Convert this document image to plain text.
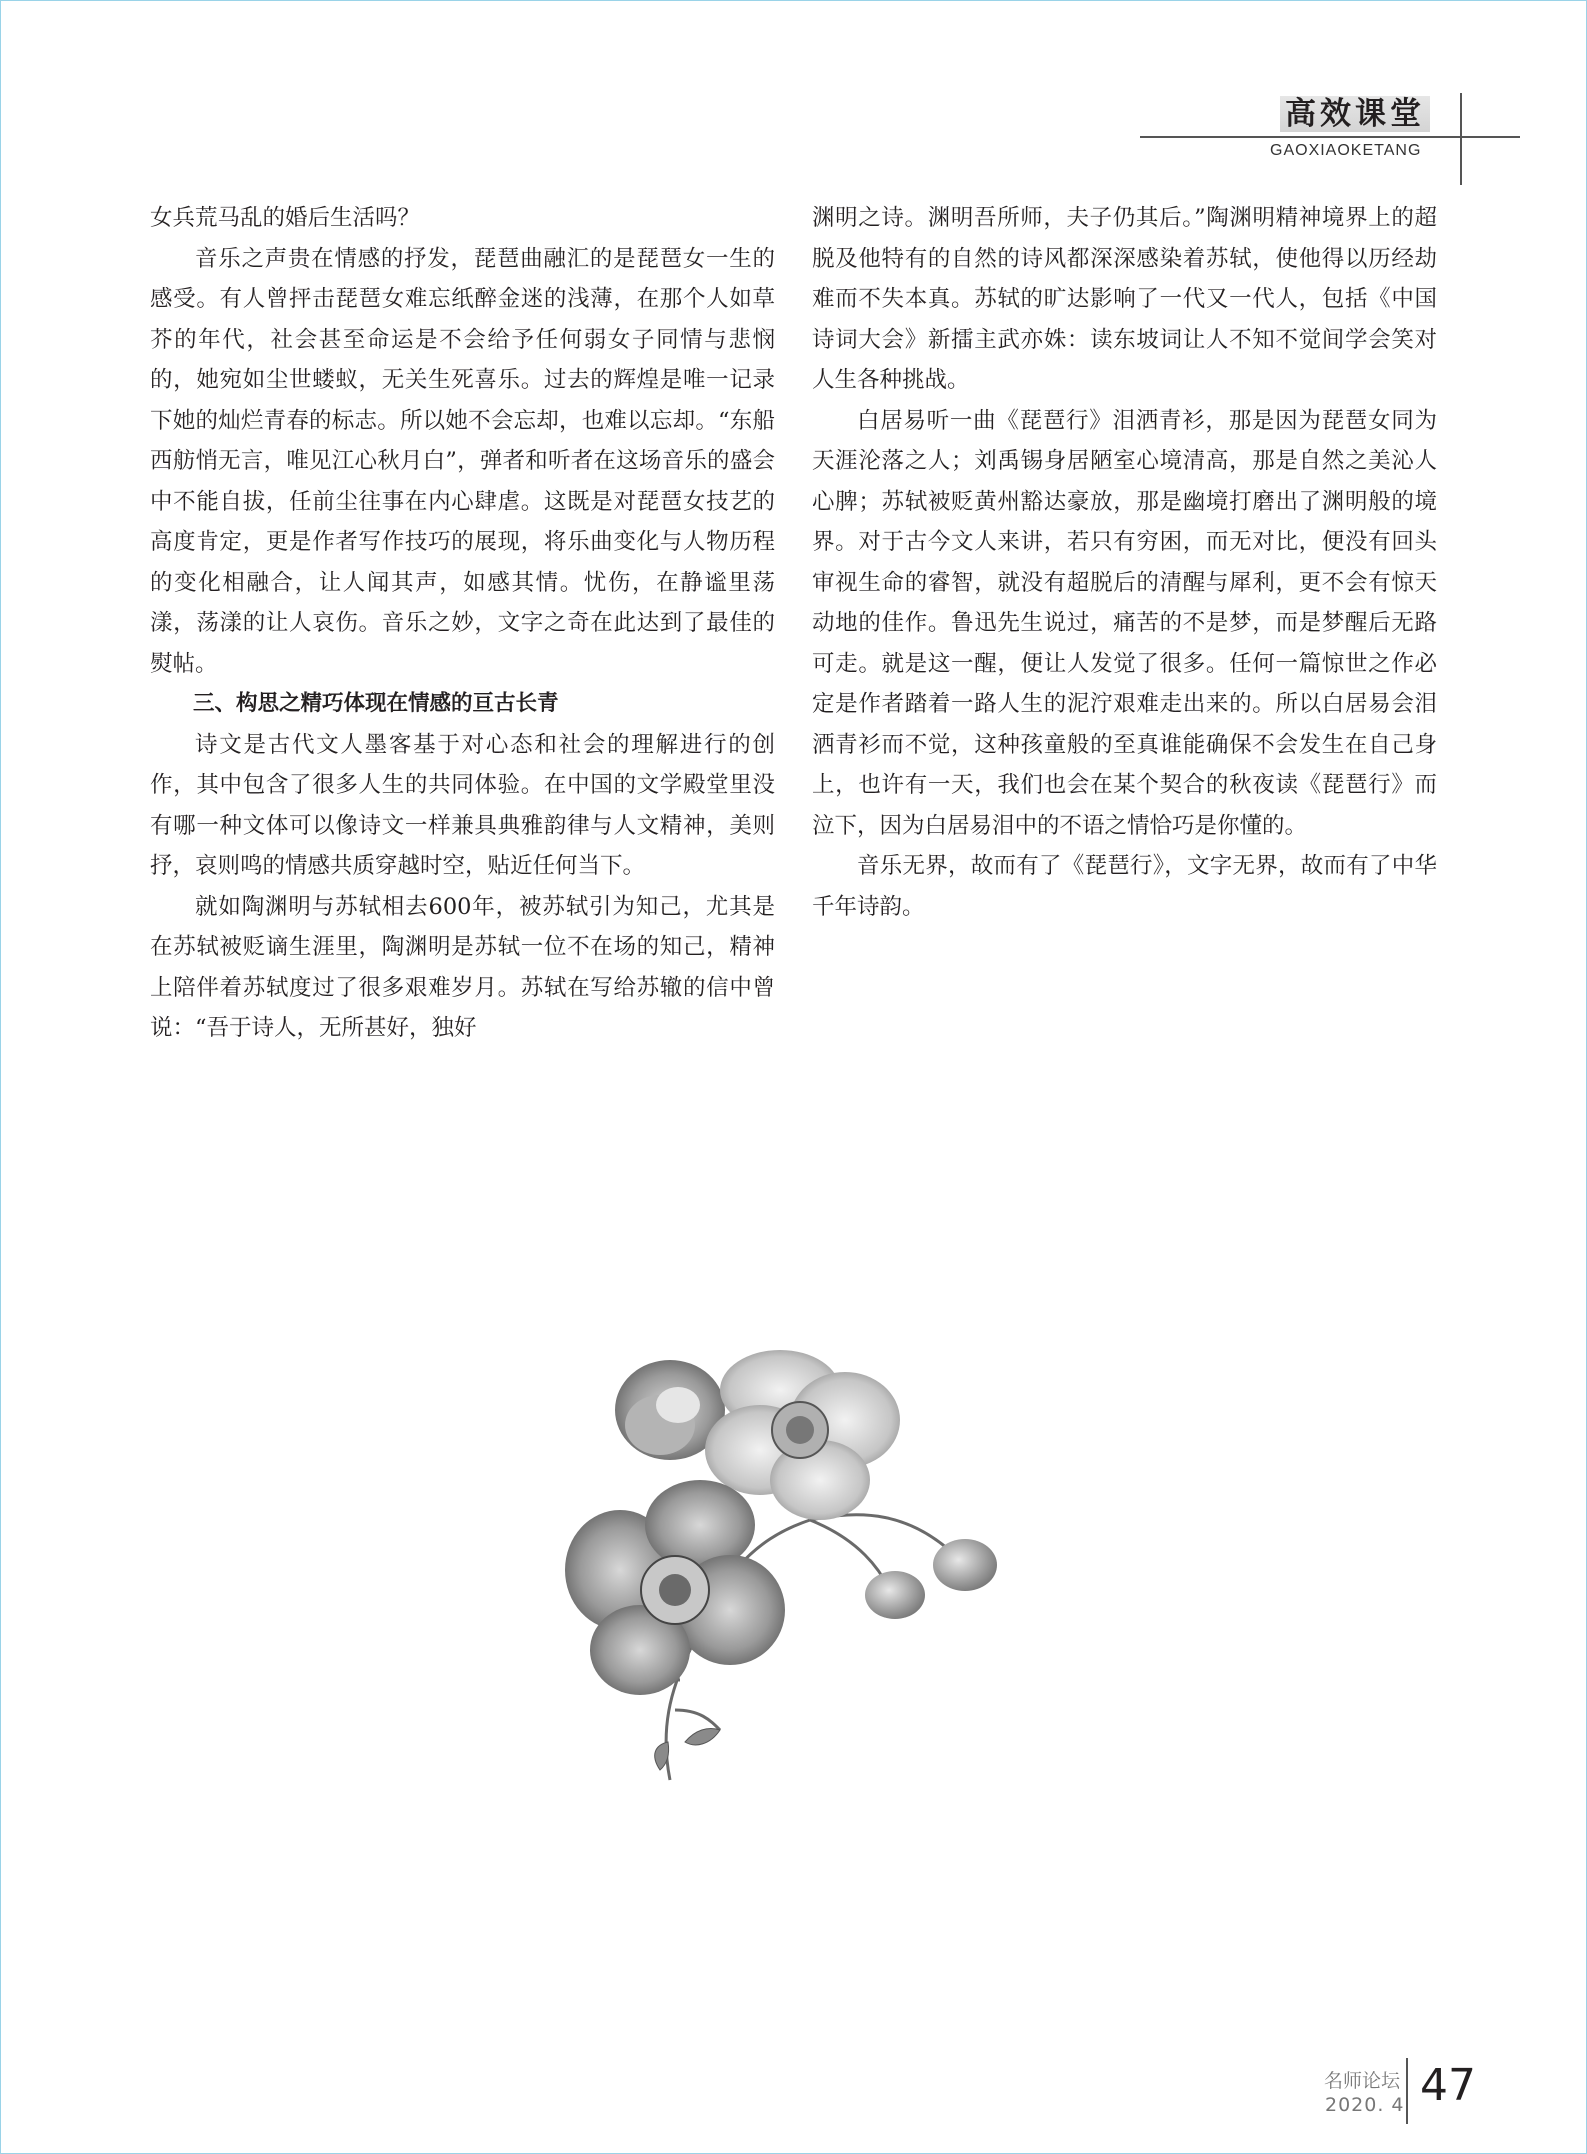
高效课堂
GAOXIAOKETANG

女兵荒马乱的婚后生活吗？

音乐之声贵在情感的抒发，琵琶曲融汇的是琵琶女一生的感受。有人曾抨击琵琶女难忘纸醉金迷的浅薄，在那个人如草芥的年代，社会甚至命运是不会给予任何弱女子同情与悲悯的，她宛如尘世蝼蚁，无关生死喜乐。过去的辉煌是唯一记录下她的灿烂青春的标志。所以她不会忘却，也难以忘却。“东船西舫悄无言，唯见江心秋月白”，弹者和听者在这场音乐的盛会中不能自拔，任前尘往事在内心肆虐。这既是对琵琶女技艺的高度肯定，更是作者写作技巧的展现，将乐曲变化与人物历程的变化相融合，让人闻其声，如感其情。忧伤，在静谧里荡漾，荡漾的让人哀伤。音乐之妙，文字之奇在此达到了最佳的熨帖。

三、构思之精巧体现在情感的亘古长青

诗文是古代文人墨客基于对心态和社会的理解进行的创作，其中包含了很多人生的共同体验。在中国的文学殿堂里没有哪一种文体可以像诗文一样兼具典雅韵律与人文精神，美则抒，哀则鸣的情感共质穿越时空，贴近任何当下。

就如陶渊明与苏轼相去600年，被苏轼引为知己，尤其是在苏轼被贬谪生涯里，陶渊明是苏轼一位不在场的知己，精神上陪伴着苏轼度过了很多艰难岁月。苏轼在写给苏辙的信中曾说：“吾于诗人，无所甚好，独好

渊明之诗。渊明吾所师，夫子仍其后。”陶渊明精神境界上的超脱及他特有的自然的诗风都深深感染着苏轼，使他得以历经劫难而不失本真。苏轼的旷达影响了一代又一代人，包括《中国诗词大会》新擂主武亦姝：读东坡词让人不知不觉间学会笑对人生各种挑战。

白居易听一曲《琵琶行》泪洒青衫，那是因为琵琶女同为天涯沦落之人；刘禹锡身居陋室心境清高，那是自然之美沁人心脾；苏轼被贬黄州豁达豪放，那是幽境打磨出了渊明般的境界。对于古今文人来讲，若只有穷困，而无对比，便没有回头审视生命的睿智，就没有超脱后的清醒与犀利，更不会有惊天动地的佳作。鲁迅先生说过，痛苦的不是梦，而是梦醒后无路可走。就是这一醒，便让人发觉了很多。任何一篇惊世之作必定是作者踏着一路人生的泥泞艰难走出来的。所以白居易会泪洒青衫而不觉，这种孩童般的至真谁能确保不会发生在自己身上，也许有一天，我们也会在某个契合的秋夜读《琵琶行》而泣下，因为白居易泪中的不语之情恰巧是你懂的。

音乐无界，故而有了《琵琶行》，文字无界，故而有了中华千年诗韵。

名师论坛
2020. 4 47
